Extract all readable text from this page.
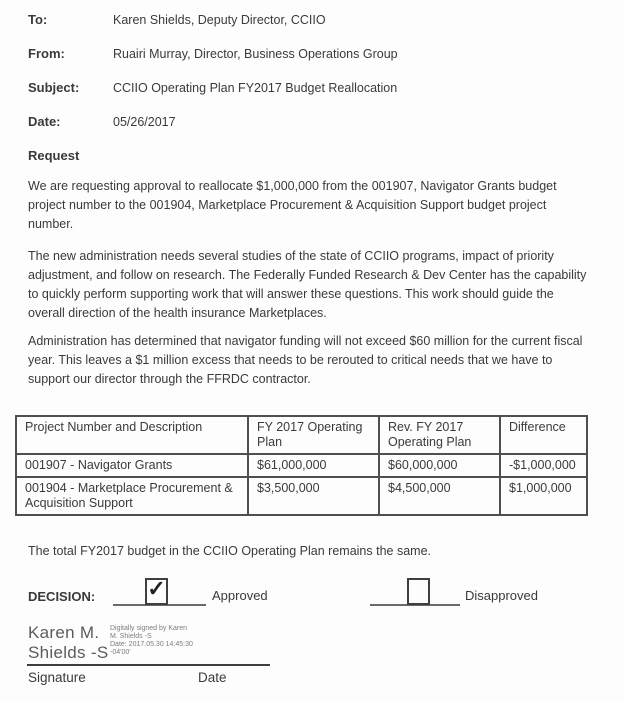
To:	Karen Shields, Deputy Director, CCIIO
From:	Ruairi Murray, Director, Business Operations Group
Subject:	CCIIO Operating Plan FY2017 Budget Reallocation
Date:	05/26/2017
Request

We are requesting approval to reallocate $1,000,000 from the 001907, Navigator Grants budget project number to the 001904, Marketplace Procurement & Acquisition Support budget project number.

The new administration needs several studies of the state of CCIIO programs, impact of priority adjustment, and follow on research. The Federally Funded Research & Dev Center has the capability to quickly perform supporting work that will answer these questions. This work should guide the overall direction of the health insurance Marketplaces.

Administration has determined that navigator funding will not exceed $60 million for the current fiscal year. This leaves a $1 million excess that needs to be rerouted to critical needs that we have to support our director through the FFRDC contractor.

Project Number and Description	FY 2017 Operating Plan	Rev. FY 2017 Operating Plan	Difference
001907 - Navigator Grants	$61,000,000	$60,000,000	-$1,000,000
001904 - Marketplace Procurement & Acquisition Support	$3,500,000	$4,500,000	$1,000,000

The total FY2017 budget in the CCIIO Operating Plan remains the same.

DECISION: ✓	Approved	Disapproved
Karen M.
Shields -S
Digitally signed by Karen
M. Shields -S
Date: 2017.05.30 14:45:30
-04'00'
Signature	Date
